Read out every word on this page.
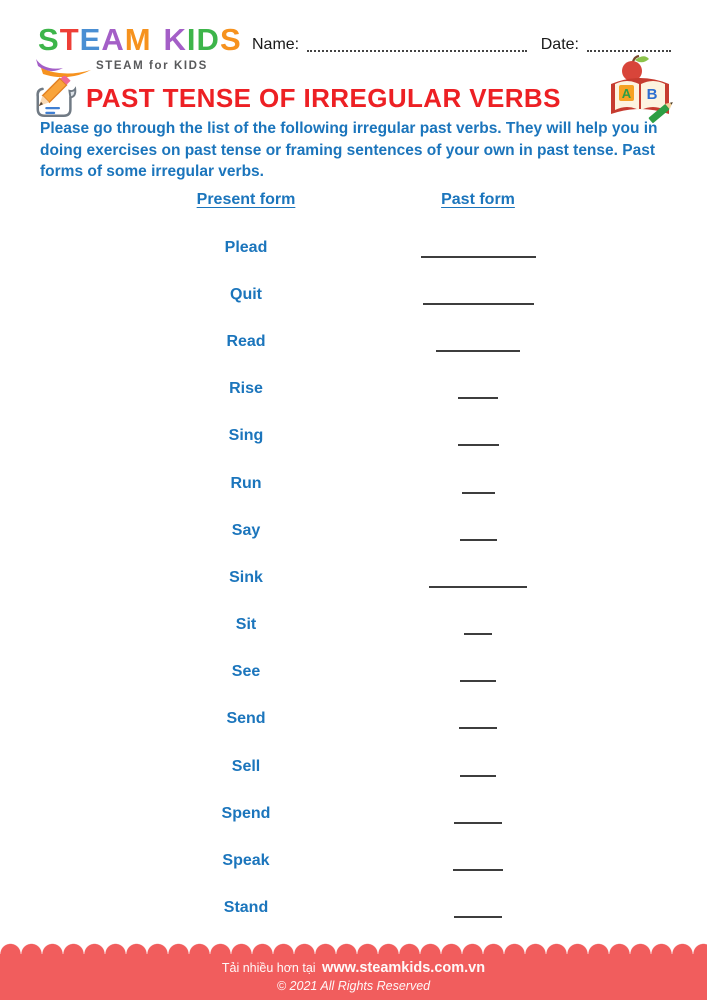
S T E A M K I D S
STEAM for KIDS
Name:	Date:
PAST TENSE OF IRREGULAR VERBS	A B

Please go through the list of the following irregular past verbs. They will help you in doing exercises on past tense or framing sentences of your own in past tense. Past forms of some irregular verbs.

Present form	Past form
Plead
Quit
Read
Rise
Sing
Run
Say
Sink
Sit
See
Send
Sell
Spend
Speak
Stand
Tải nhiều hơn tại www.steamkids.com.vn
© 2021 All Rights Reserved
